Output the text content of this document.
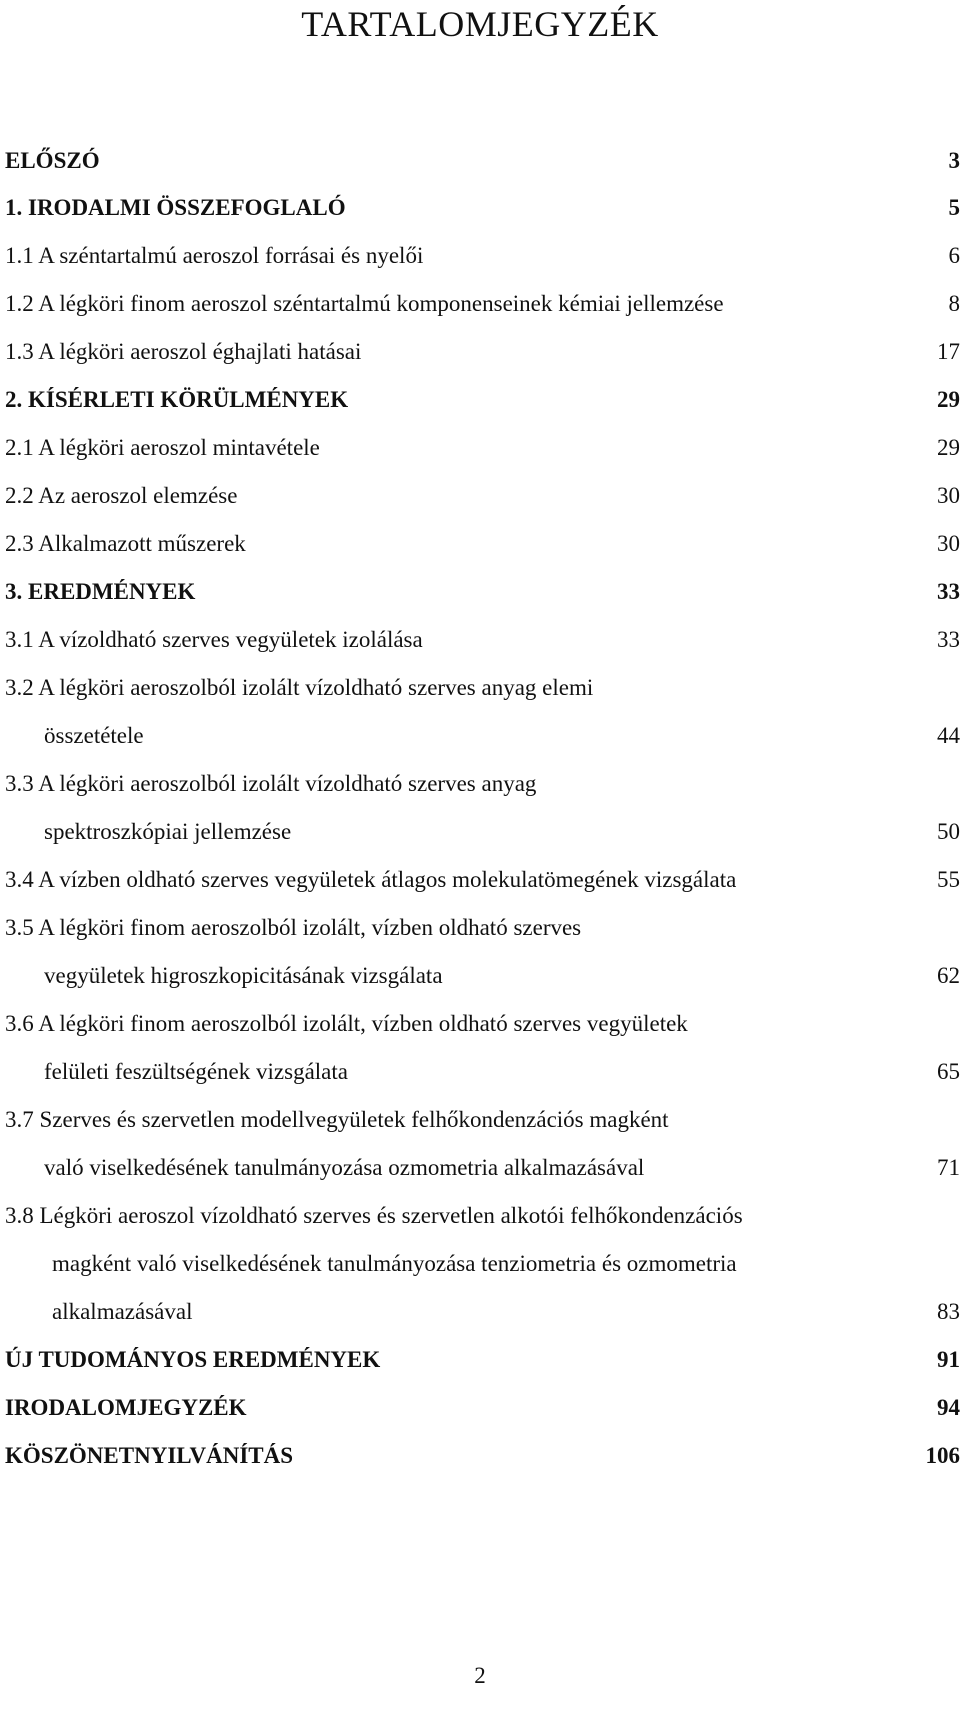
TARTALOMJEGYZÉK
ELŐSZÓ	3
1. IRODALMI ÖSSZEFOGLALÓ	5
1.1 A széntartalmú aeroszol forrásai és nyelői	6
1.2 A légköri finom aeroszol széntartalmú komponenseinek kémiai jellemzése	8
1.3 A légköri aeroszol éghajlati hatásai	17
2. KÍSÉRLETI KÖRÜLMÉNYEK	29
2.1 A légköri aeroszol mintavétele	29
2.2 Az aeroszol elemzése	30
2.3 Alkalmazott műszerek	30
3. EREDMÉNYEK	33
3.1 A vízoldható szerves vegyületek izolálása	33
3.2 A légköri aeroszolból izolált vízoldható szerves anyag elemi
összetétele	44
3.3 A légköri aeroszolból izolált vízoldható szerves anyag
spektroszkópiai jellemzése	50
3.4 A vízben oldható szerves vegyületek átlagos molekulatömegének vizsgálata	55
3.5 A légköri finom aeroszolból izolált, vízben oldható szerves
vegyületek higroszkopicitásának vizsgálata	62
3.6 A légköri finom aeroszolból izolált, vízben oldható szerves vegyületek
felületi feszültségének vizsgálata	65
3.7 Szerves és szervetlen modellvegyületek felhőkondenzációs magként
való viselkedésének tanulmányozása ozmometria alkalmazásával	71
3.8 Légköri aeroszol vízoldható szerves és szervetlen alkotói felhőkondenzációs
magként való viselkedésének tanulmányozása tenziometria és ozmometria
alkalmazásával	83
ÚJ TUDOMÁNYOS EREDMÉNYEK	91
IRODALOMJEGYZÉK	94
KÖSZÖNETNYILVÁNÍTÁS	106
2
